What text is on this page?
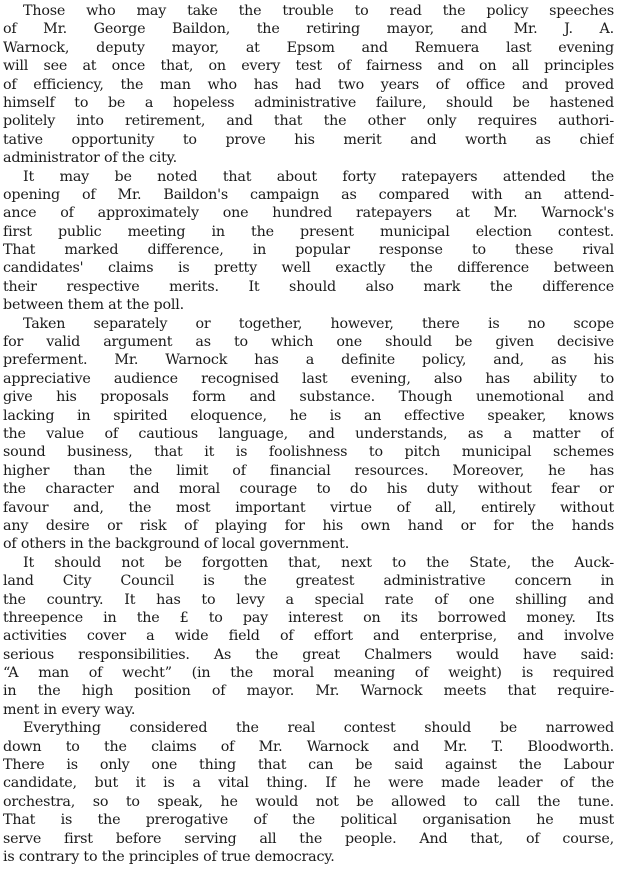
Those who may take the trouble to read the policy speeches
of Mr. George Baildon, the retiring mayor, and Mr. J. A.
Warnock, deputy mayor, at Epsom and Remuera last evening
will see at once that, on every test of fairness and on all principles
of efficiency, the man who has had two years of office and proved
himself to be a hopeless administrative failure, should be hastened
politely into retirement, and that the other only requires authori-
tative opportunity to prove his merit and worth as chief
administrator of the city.
It may be noted that about forty ratepayers attended the
opening of Mr. Baildon's campaign as compared with an attend-
ance of approximately one hundred ratepayers at Mr. Warnock's
first public meeting in the present municipal election contest.
That marked difference, in popular response to these rival
candidates' claims is pretty well exactly the difference between
their respective merits. It should also mark the difference
between them at the poll.
Taken separately or together, however, there is no scope
for valid argument as to which one should be given decisive
preferment. Mr. Warnock has a definite policy, and, as his
appreciative audience recognised last evening, also has ability to
give his proposals form and substance. Though unemotional and
lacking in spirited eloquence, he is an effective speaker, knows
the value of cautious language, and understands, as a matter of
sound business, that it is foolishness to pitch municipal schemes
higher than the limit of financial resources. Moreover, he has
the character and moral courage to do his duty without fear or
favour and, the most important virtue of all, entirely without
any desire or risk of playing for his own hand or for the hands
of others in the background of local government.
It should not be forgotten that, next to the State, the Auck-
land City Council is the greatest administrative concern in
the country. It has to levy a special rate of one shilling and
threepence in the £ to pay interest on its borrowed money. Its
activities cover a wide field of effort and enterprise, and involve
serious responsibilities. As the great Chalmers would have said:
“A man of wecht” (in the moral meaning of weight) is required
in the high position of mayor. Mr. Warnock meets that require-
ment in every way.
Everything considered the real contest should be narrowed
down to the claims of Mr. Warnock and Mr. T. Bloodworth.
There is only one thing that can be said against the Labour
candidate, but it is a vital thing. If he were made leader of the
orchestra, so to speak, he would not be allowed to call the tune.
That is the prerogative of the political organisation he must
serve first before serving all the people. And that, of course,
is contrary to the principles of true democracy.
